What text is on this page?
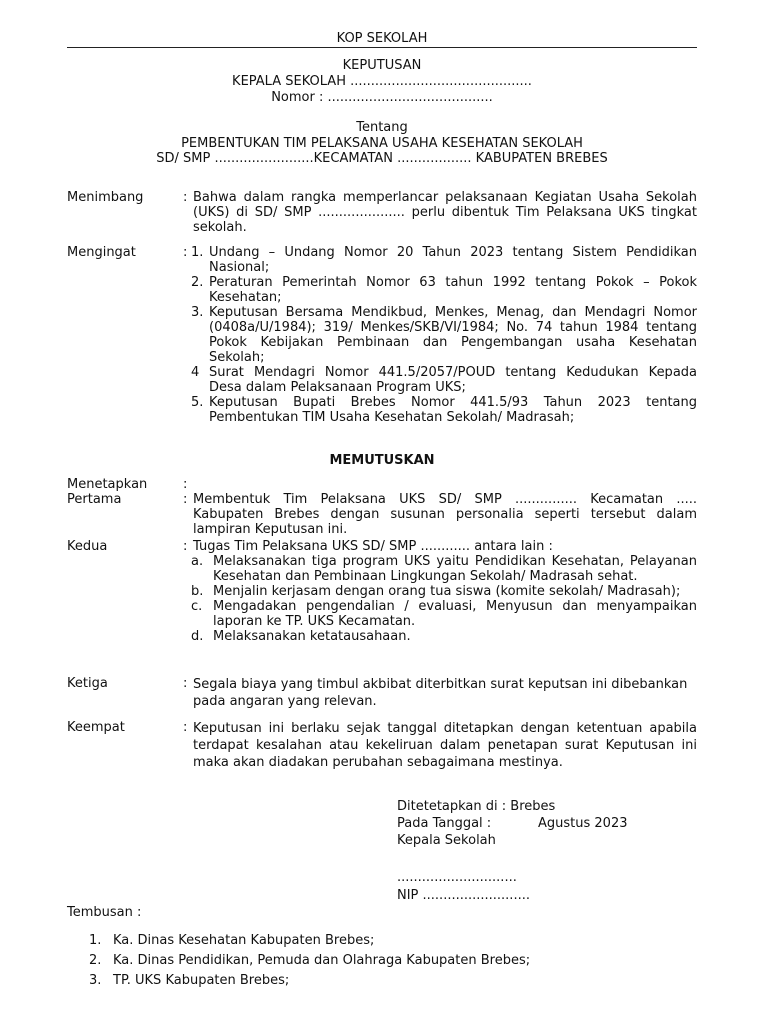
KOP SEKOLAH
KEPUTUSAN
KEPALA SEKOLAH ............................................
Nomor : ........................................
Tentang
PEMBENTUKAN TIM PELAKSANA USAHA KESEHATAN SEKOLAH
SD/ SMP ........................KECAMATAN .................. KABUPATEN BREBES
Menimbang	: Bahwa dalam rangka memperlancar pelaksanaan Kegiatan Usaha Sekolah (UKS) di SD/ SMP ..................... perlu dibentuk Tim Pelaksana UKS tingkat sekolah.
Mengingat	: 1. Undang – Undang Nomor 20 Tahun 2023 tentang Sistem Pendidikan Nasional;
2. Peraturan Pemerintah Nomor 63 tahun 1992 tentang Pokok – Pokok Kesehatan;
3. Keputusan Bersama Mendikbud, Menkes, Menag, dan Mendagri Nomor (0408a/U/1984); 319/ Menkes/SKB/VI/1984; No. 74 tahun 1984 tentang Pokok Kebijakan Pembinaan dan Pengembangan usaha Kesehatan Sekolah;
4 Surat Mendagri Nomor 441.5/2057/POUD tentang Kedudukan Kepada Desa dalam Pelaksanaan Program UKS;
5. Keputusan Bupati Brebes Nomor 441.5/93 Tahun 2023 tentang Pembentukan TIM Usaha Kesehatan Sekolah/ Madrasah;
MEMUTUSKAN
Menetapkan	:
Pertama	: Membentuk Tim Pelaksana UKS SD/ SMP ............... Kecamatan ..... Kabupaten Brebes dengan susunan personalia seperti tersebut dalam lampiran Keputusan ini.
Kedua	: Tugas Tim Pelaksana UKS SD/ SMP ............ antara lain :
a. Melaksanakan tiga program UKS yaitu Pendidikan Kesehatan, Pelayanan Kesehatan dan Pembinaan Lingkungan Sekolah/ Madrasah sehat.
b. Menjalin kerjasam dengan orang tua siswa (komite sekolah/ Madrasah);
c. Mengadakan pengendalian / evaluasi, Menyusun dan menyampaikan laporan ke TP. UKS Kecamatan.
d. Melaksanakan ketatausahaan.
Ketiga	: Segala biaya yang timbul akbibat diterbitkan surat keputsan ini dibebankan pada angaran yang relevan.
Keempat	: Keputusan ini berlaku sejak tanggal ditetapkan dengan ketentuan apabila terdapat kesalahan atau kekeliruan dalam penetapan surat Keputusan ini maka akan diadakan perubahan sebagaimana mestinya.
Ditetetapkan di : Brebes
Pada Tanggal :	Agustus 2023
Kepala Sekolah
.............................
NIP ..........................
Tembusan :
1. Ka. Dinas Kesehatan Kabupaten Brebes;
2. Ka. Dinas Pendidikan, Pemuda dan Olahraga Kabupaten Brebes;
3. TP. UKS Kabupaten Brebes;
